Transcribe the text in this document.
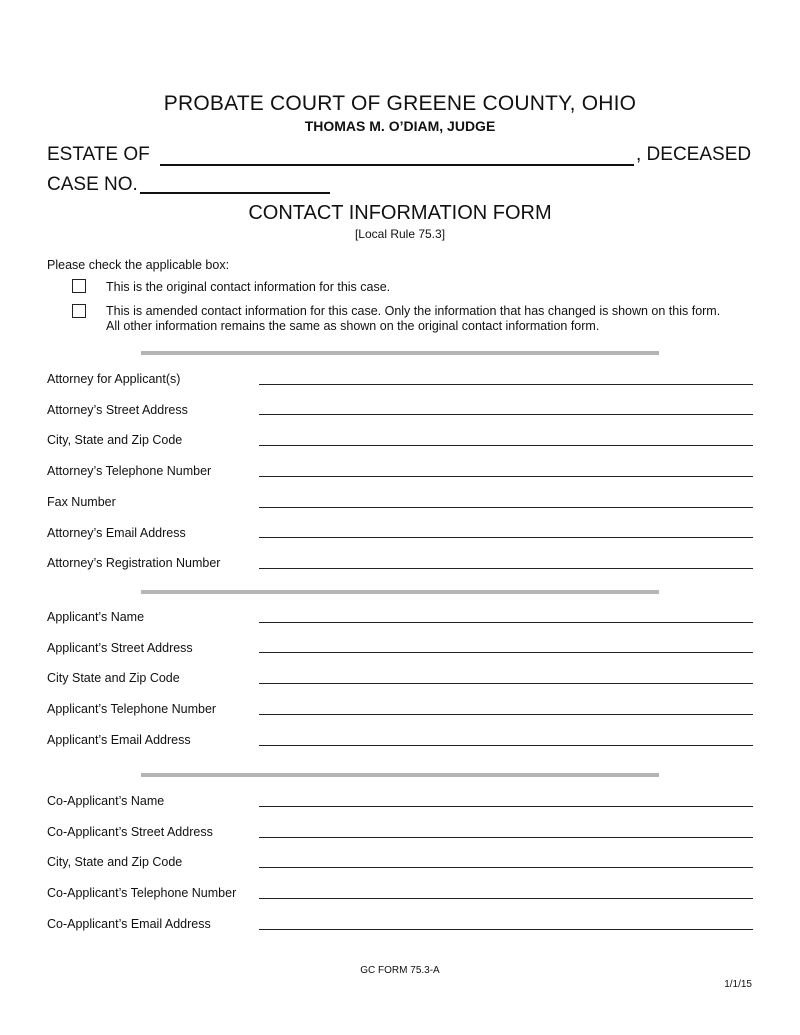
PROBATE COURT OF GREENE COUNTY, OHIO
THOMAS M. O’DIAM, JUDGE
ESTATE OF	, DECEASED
CASE NO.
CONTACT INFORMATION FORM
[Local Rule 75.3]
Please check the applicable box:
This is the original contact information for this case.
This is amended contact information for this case. Only the information that has changed is shown on this form.
All other information remains the same as shown on the original contact information form.
Attorney for Applicant(s)
Attorney’s Street Address
City, State and Zip Code
Attorney’s Telephone Number
Fax Number
Attorney’s Email Address
Attorney’s Registration Number
Applicant’s Name
Applicant’s Street Address
City State and Zip Code
Applicant’s Telephone Number
Applicant’s Email Address
Co-Applicant’s Name
Co-Applicant’s Street Address
City, State and Zip Code
Co-Applicant’s Telephone Number
Co-Applicant’s Email Address
GC FORM 75.3-A
1/1/15
